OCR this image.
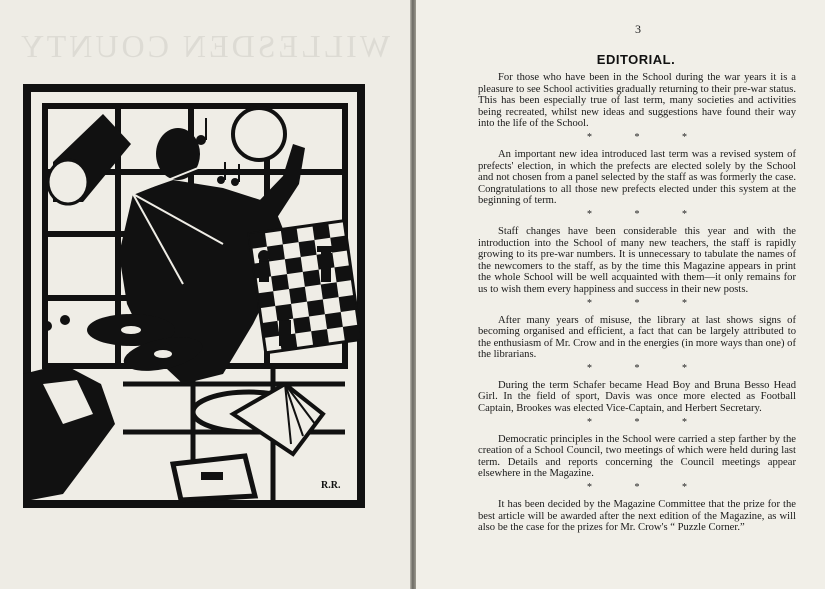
WILLESDEN COUNTY
R.R.
3
EDITORIAL.

For those who have been in the School during the war years it is a pleasure to see School activities gradually returning to their pre-war status. This has been especially true of last term, many societies and activities being recreated, whilst new ideas and suggestions have found their way into the life of the School.

* * *

An important new idea introduced last term was a revised system of prefects' election, in which the prefects are elected solely by the School and not chosen from a panel selected by the staff as was formerly the case. Congratulations to all those new prefects elected under this system at the beginning of term.

* * *

Staff changes have been considerable this year and with the introduction into the School of many new teachers, the staff is rapidly growing to its pre-war numbers. It is unnecessary to tabulate the names of the newcomers to the staff, as by the time this Magazine appears in print the whole School will be well acquainted with them—it only remains for us to wish them every happiness and success in their new posts.

* * *

After many years of misuse, the library at last shows signs of becoming organised and efficient, a fact that can be largely attributed to the enthusiasm of Mr. Crow and in the energies (in more ways than one) of the librarians.

* * *

During the term Schafer became Head Boy and Bruna Besso Head Girl. In the field of sport, Davis was once more elected as Football Captain, Brookes was elected Vice-Captain, and Herbert Secretary.

* * *

Democratic principles in the School were carried a step farther by the creation of a School Council, two meetings of which were held during last term. Details and reports concerning the Council meetings appear elsewhere in the Magazine.

* * *

It has been decided by the Magazine Committee that the prize for the best article will be awarded after the next edition of the Magazine, as will also be the case for the prizes for Mr. Crow's “ Puzzle Corner.”
